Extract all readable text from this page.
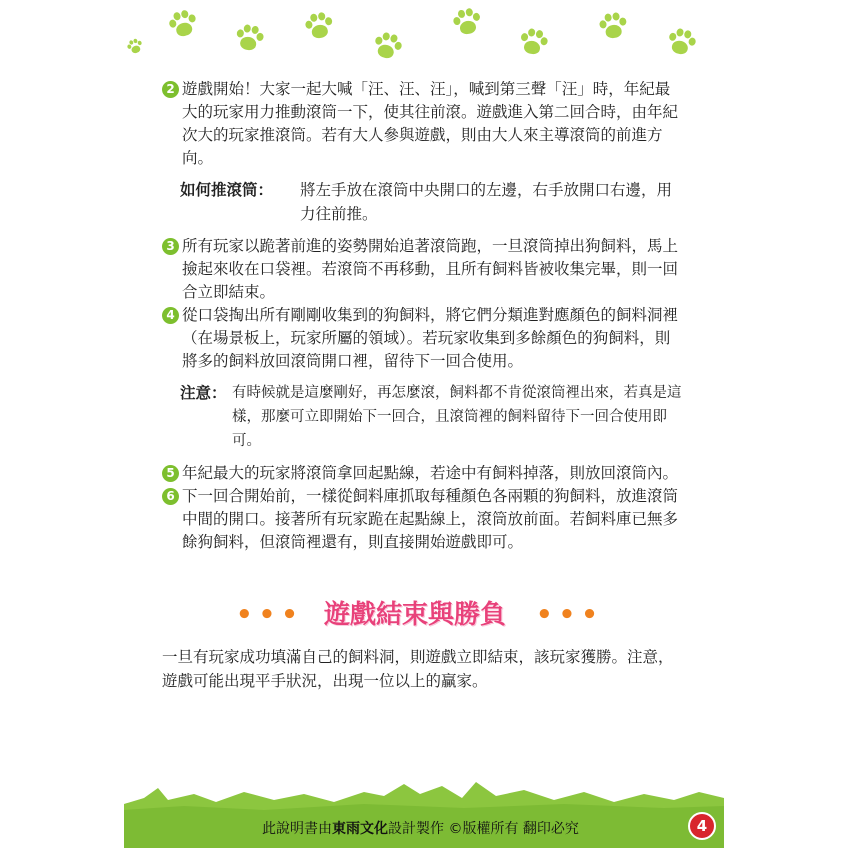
2 遊戲開始！大家一起大喊「汪、汪、汪」，喊到第三聲「汪」時，年紀最大的玩家用力推動滾筒一下，使其往前滾。遊戲進入第二回合時，由年紀次大的玩家推滾筒。若有大人參與遊戲，則由大人來主導滾筒的前進方向。

如何推滾筒： 將左手放在滾筒中央開口的左邊，右手放開口右邊，用力往前推。

3 所有玩家以跪著前進的姿勢開始追著滾筒跑，一旦滾筒掉出狗飼料，馬上撿起來收在口袋裡。若滾筒不再移動，且所有飼料皆被收集完畢，則一回合立即結束。

4 從口袋掏出所有剛剛收集到的狗飼料，將它們分類進對應顏色的飼料洞裡（在場景板上，玩家所屬的領域）。若玩家收集到多餘顏色的狗飼料，則將多的飼料放回滾筒開口裡，留待下一回合使用。

注意： 有時候就是這麼剛好，再怎麼滾，飼料都不肯從滾筒裡出來，若真是這樣，那麼可立即開始下一回合，且滾筒裡的飼料留待下一回合使用即可。

5 年紀最大的玩家將滾筒拿回起點線，若途中有飼料掉落，則放回滾筒內。

6 下一回合開始前，一樣從飼料庫抓取每種顏色各兩顆的狗飼料，放進滾筒中間的開口。接著所有玩家跪在起點線上，滾筒放前面。若飼料庫已無多餘狗飼料，但滾筒裡還有，則直接開始遊戲即可。

••• 遊戲結束與勝負 •••

一旦有玩家成功填滿自己的飼料洞，則遊戲立即結束，該玩家獲勝。注意，遊戲可能出現平手狀況，出現一位以上的贏家。

此說明書由東雨文化設計製作 ©版權所有 翻印必究	4
